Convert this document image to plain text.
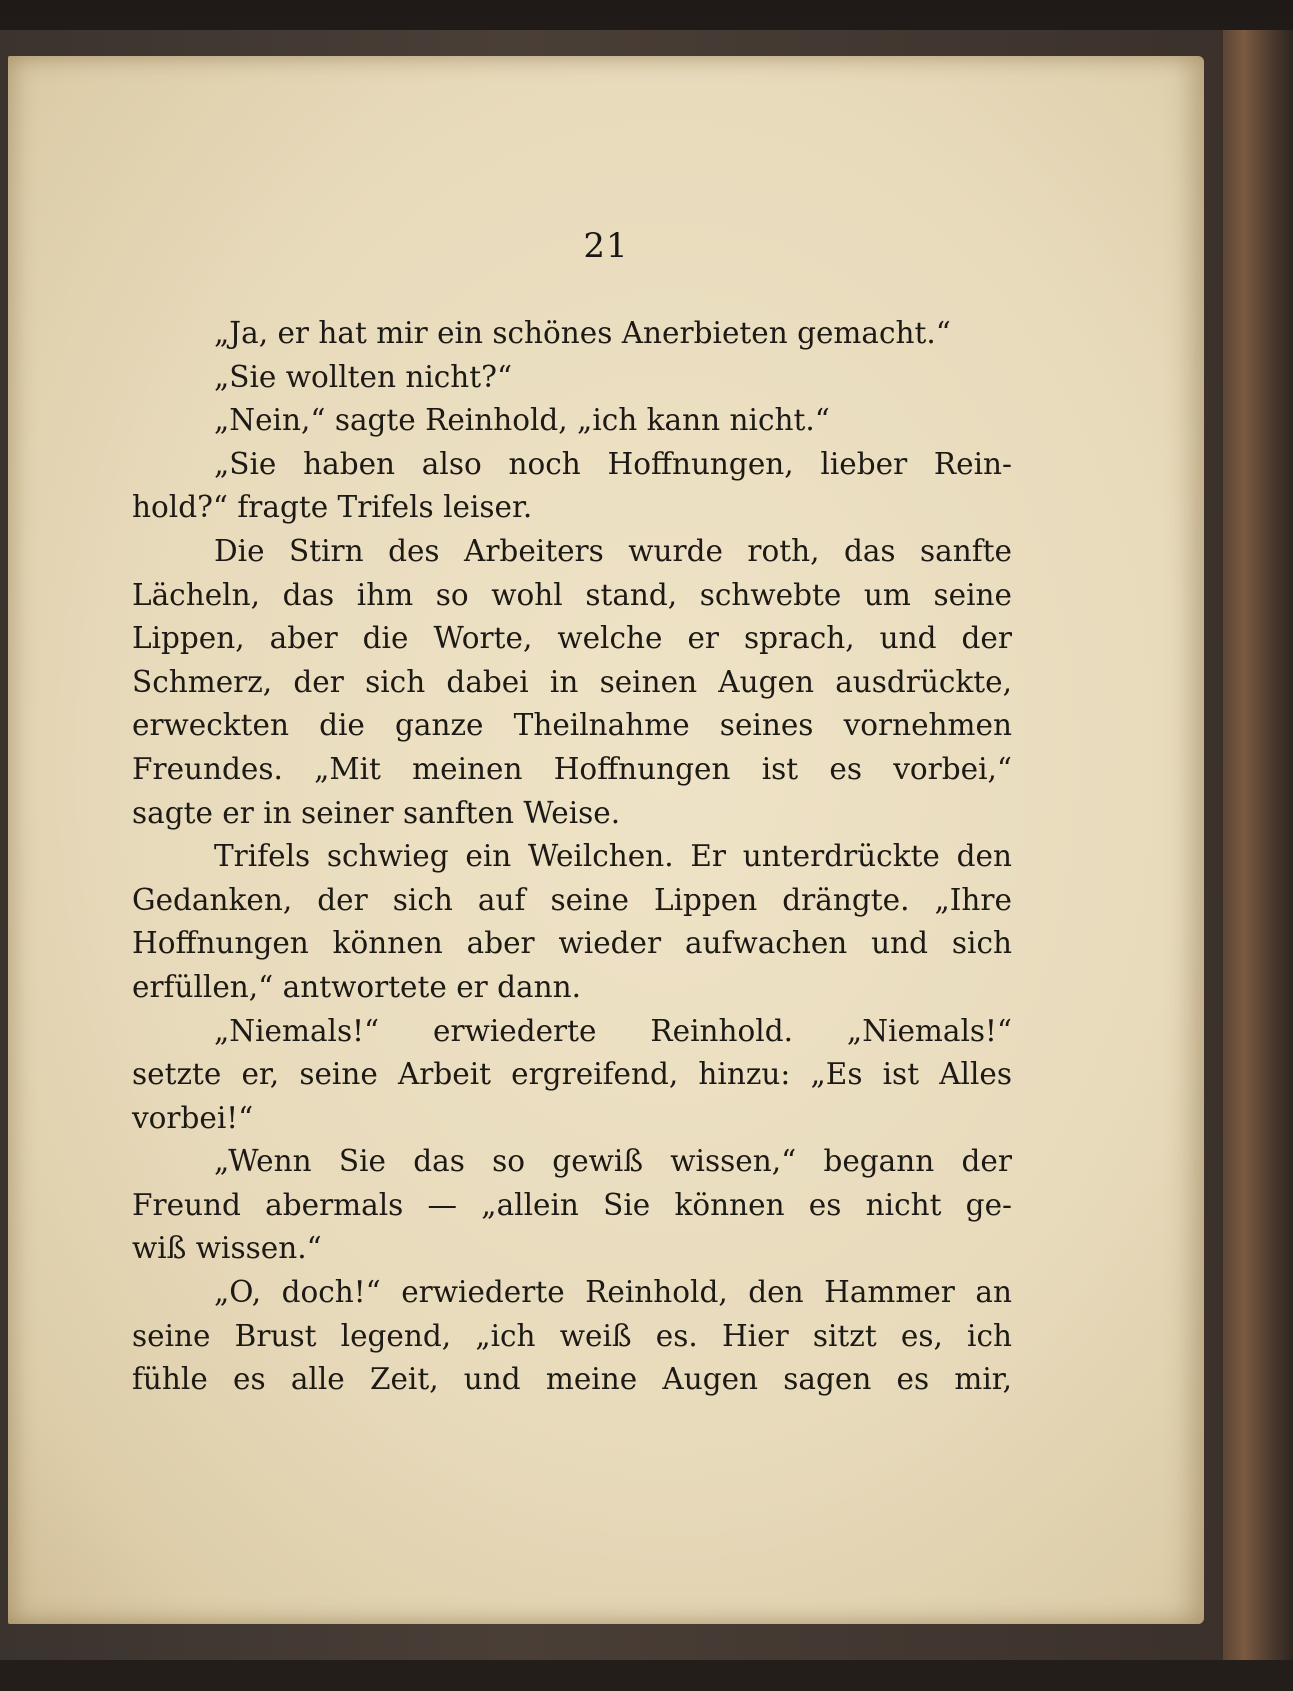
21
„Ja, er hat mir ein schönes Anerbieten gemacht.“
„Sie wollten nicht?“
„Nein,“ sagte Reinhold, „ich kann nicht.“
„Sie haben also noch Hoffnungen, lieber Rein-
hold?“ fragte Trifels leiser.
Die Stirn des Arbeiters wurde roth, das sanfte
Lächeln, das ihm so wohl stand, schwebte um seine
Lippen, aber die Worte, welche er sprach, und der
Schmerz, der sich dabei in seinen Augen ausdrückte,
erweckten die ganze Theilnahme seines vornehmen
Freundes. „Mit meinen Hoffnungen ist es vorbei,“
sagte er in seiner sanften Weise.
Trifels schwieg ein Weilchen. Er unterdrückte den
Gedanken, der sich auf seine Lippen drängte. „Ihre
Hoffnungen können aber wieder aufwachen und sich
erfüllen,“ antwortete er dann.
„Niemals!“ erwiederte Reinhold. „Niemals!“
setzte er, seine Arbeit ergreifend, hinzu: „Es ist Alles
vorbei!“
„Wenn Sie das so gewiß wissen,“ begann der
Freund abermals — „allein Sie können es nicht ge-
wiß wissen.“
„O, doch!“ erwiederte Reinhold, den Hammer an
seine Brust legend, „ich weiß es. Hier sitzt es, ich
fühle es alle Zeit, und meine Augen sagen es mir,
